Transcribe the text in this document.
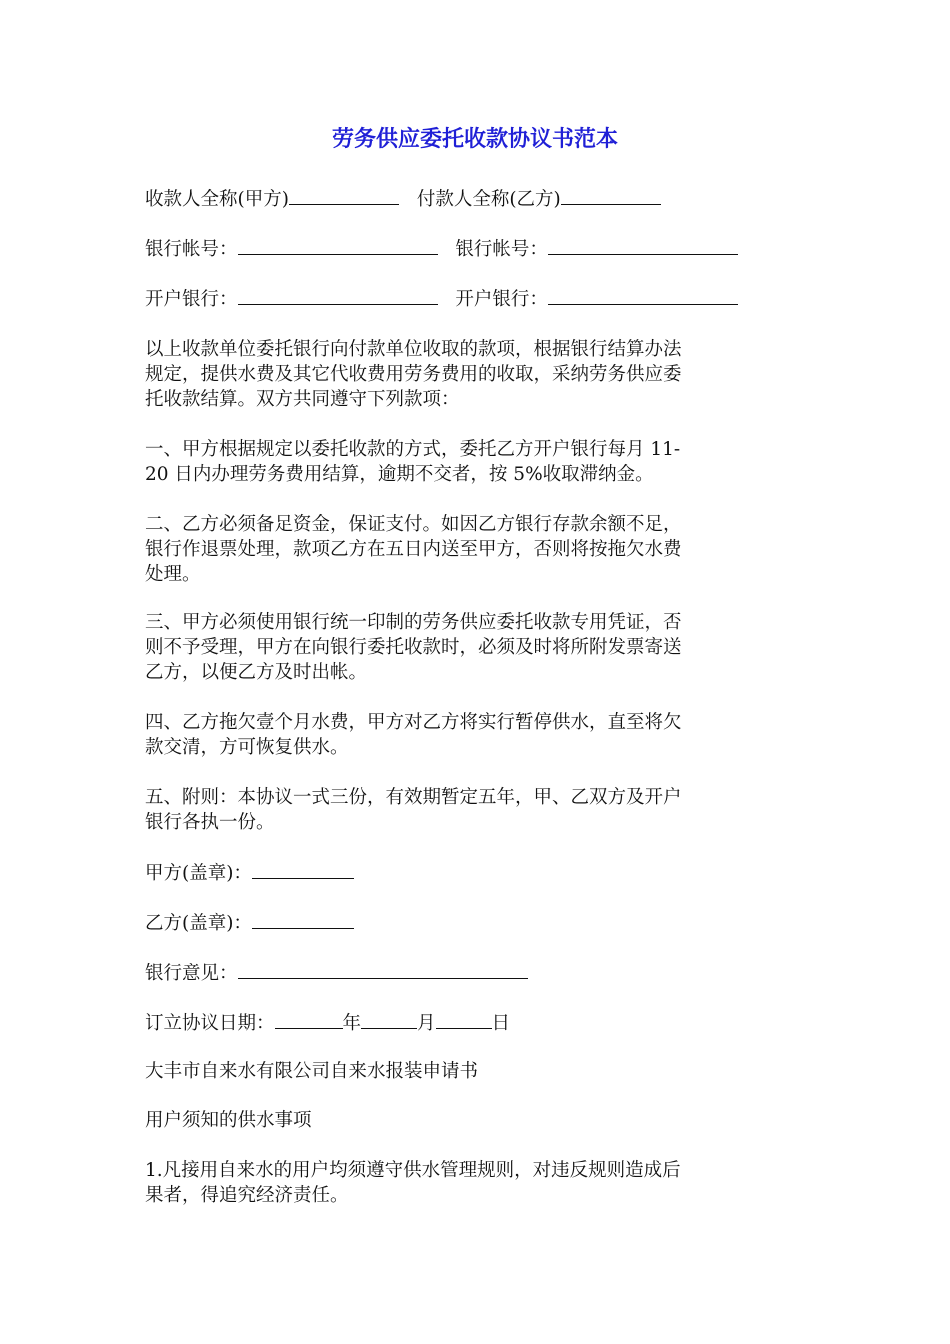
劳务供应委托收款协议书范本
收款人全称(甲方)	付款人全称(乙方)
银行帐号：	银行帐号：
开户银行：	开户银行：
以上收款单位委托银行向付款单位收取的款项，根据银行结算办法
规定，提供水费及其它代收费用劳务费用的收取，采纳劳务供应委
托收款结算。双方共同遵守下列款项：
一、甲方根据规定以委托收款的方式，委托乙方开户银行每月 11-
20 日内办理劳务费用结算，逾期不交者，按 5%收取滞纳金。
二、乙方必须备足资金，保证支付。如因乙方银行存款余额不足，
银行作退票处理，款项乙方在五日内送至甲方，否则将按拖欠水费
处理。
三、甲方必须使用银行统一印制的劳务供应委托收款专用凭证，否
则不予受理，甲方在向银行委托收款时，必须及时将所附发票寄送
乙方，以便乙方及时出帐。
四、乙方拖欠壹个月水费，甲方对乙方将实行暂停供水，直至将欠
款交清，方可恢复供水。
五、附则：本协议一式三份，有效期暂定五年，甲、乙双方及开户
银行各执一份。
甲方(盖章)：
乙方(盖章)：
银行意见：
订立协议日期：	年	月	日
大丰市自来水有限公司自来水报装申请书
用户须知的供水事项
1.凡接用自来水的用户均须遵守供水管理规则，对违反规则造成后
果者，得追究经济责任。
